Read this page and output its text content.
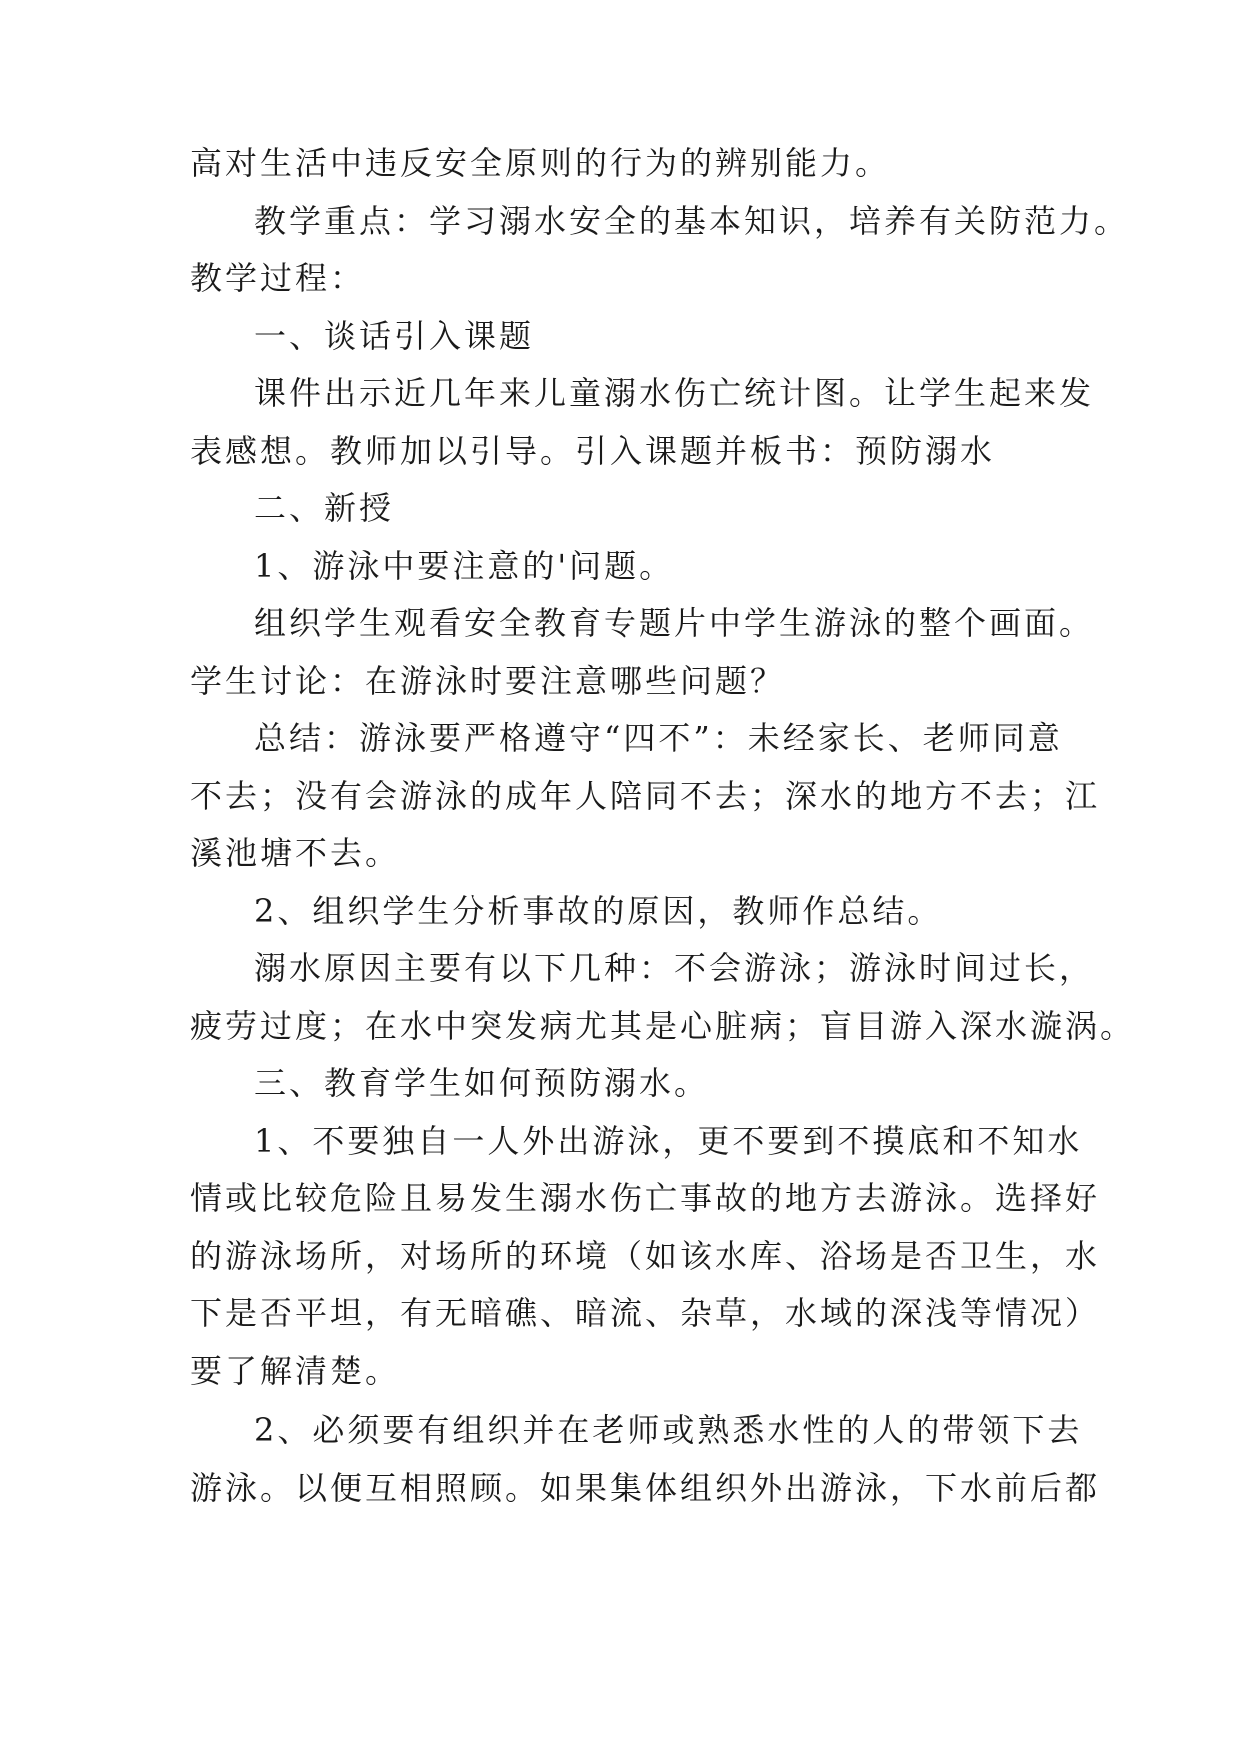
高对生活中违反安全原则的行为的辨别能力。
教学重点：学习溺水安全的基本知识，培养有关防范力。
教学过程：
一、谈话引入课题
课件出示近几年来儿童溺水伤亡统计图。让学生起来发
表感想。教师加以引导。引入课题并板书：预防溺水
二、新授
1、游泳中要注意的'问题。
组织学生观看安全教育专题片中学生游泳的整个画面。
学生讨论：在游泳时要注意哪些问题？
总结：游泳要严格遵守“四不”：未经家长、老师同意
不去；没有会游泳的成年人陪同不去；深水的地方不去；江
溪池塘不去。
2、组织学生分析事故的原因，教师作总结。
溺水原因主要有以下几种：不会游泳；游泳时间过长，
疲劳过度；在水中突发病尤其是心脏病；盲目游入深水漩涡。
三、教育学生如何预防溺水。
1、不要独自一人外出游泳，更不要到不摸底和不知水
情或比较危险且易发生溺水伤亡事故的地方去游泳。选择好
的游泳场所，对场所的环境（如该水库、浴场是否卫生，水
下是否平坦，有无暗礁、暗流、杂草，水域的深浅等情况）
要了解清楚。
2、必须要有组织并在老师或熟悉水性的人的带领下去
游泳。以便互相照顾。如果集体组织外出游泳，下水前后都
